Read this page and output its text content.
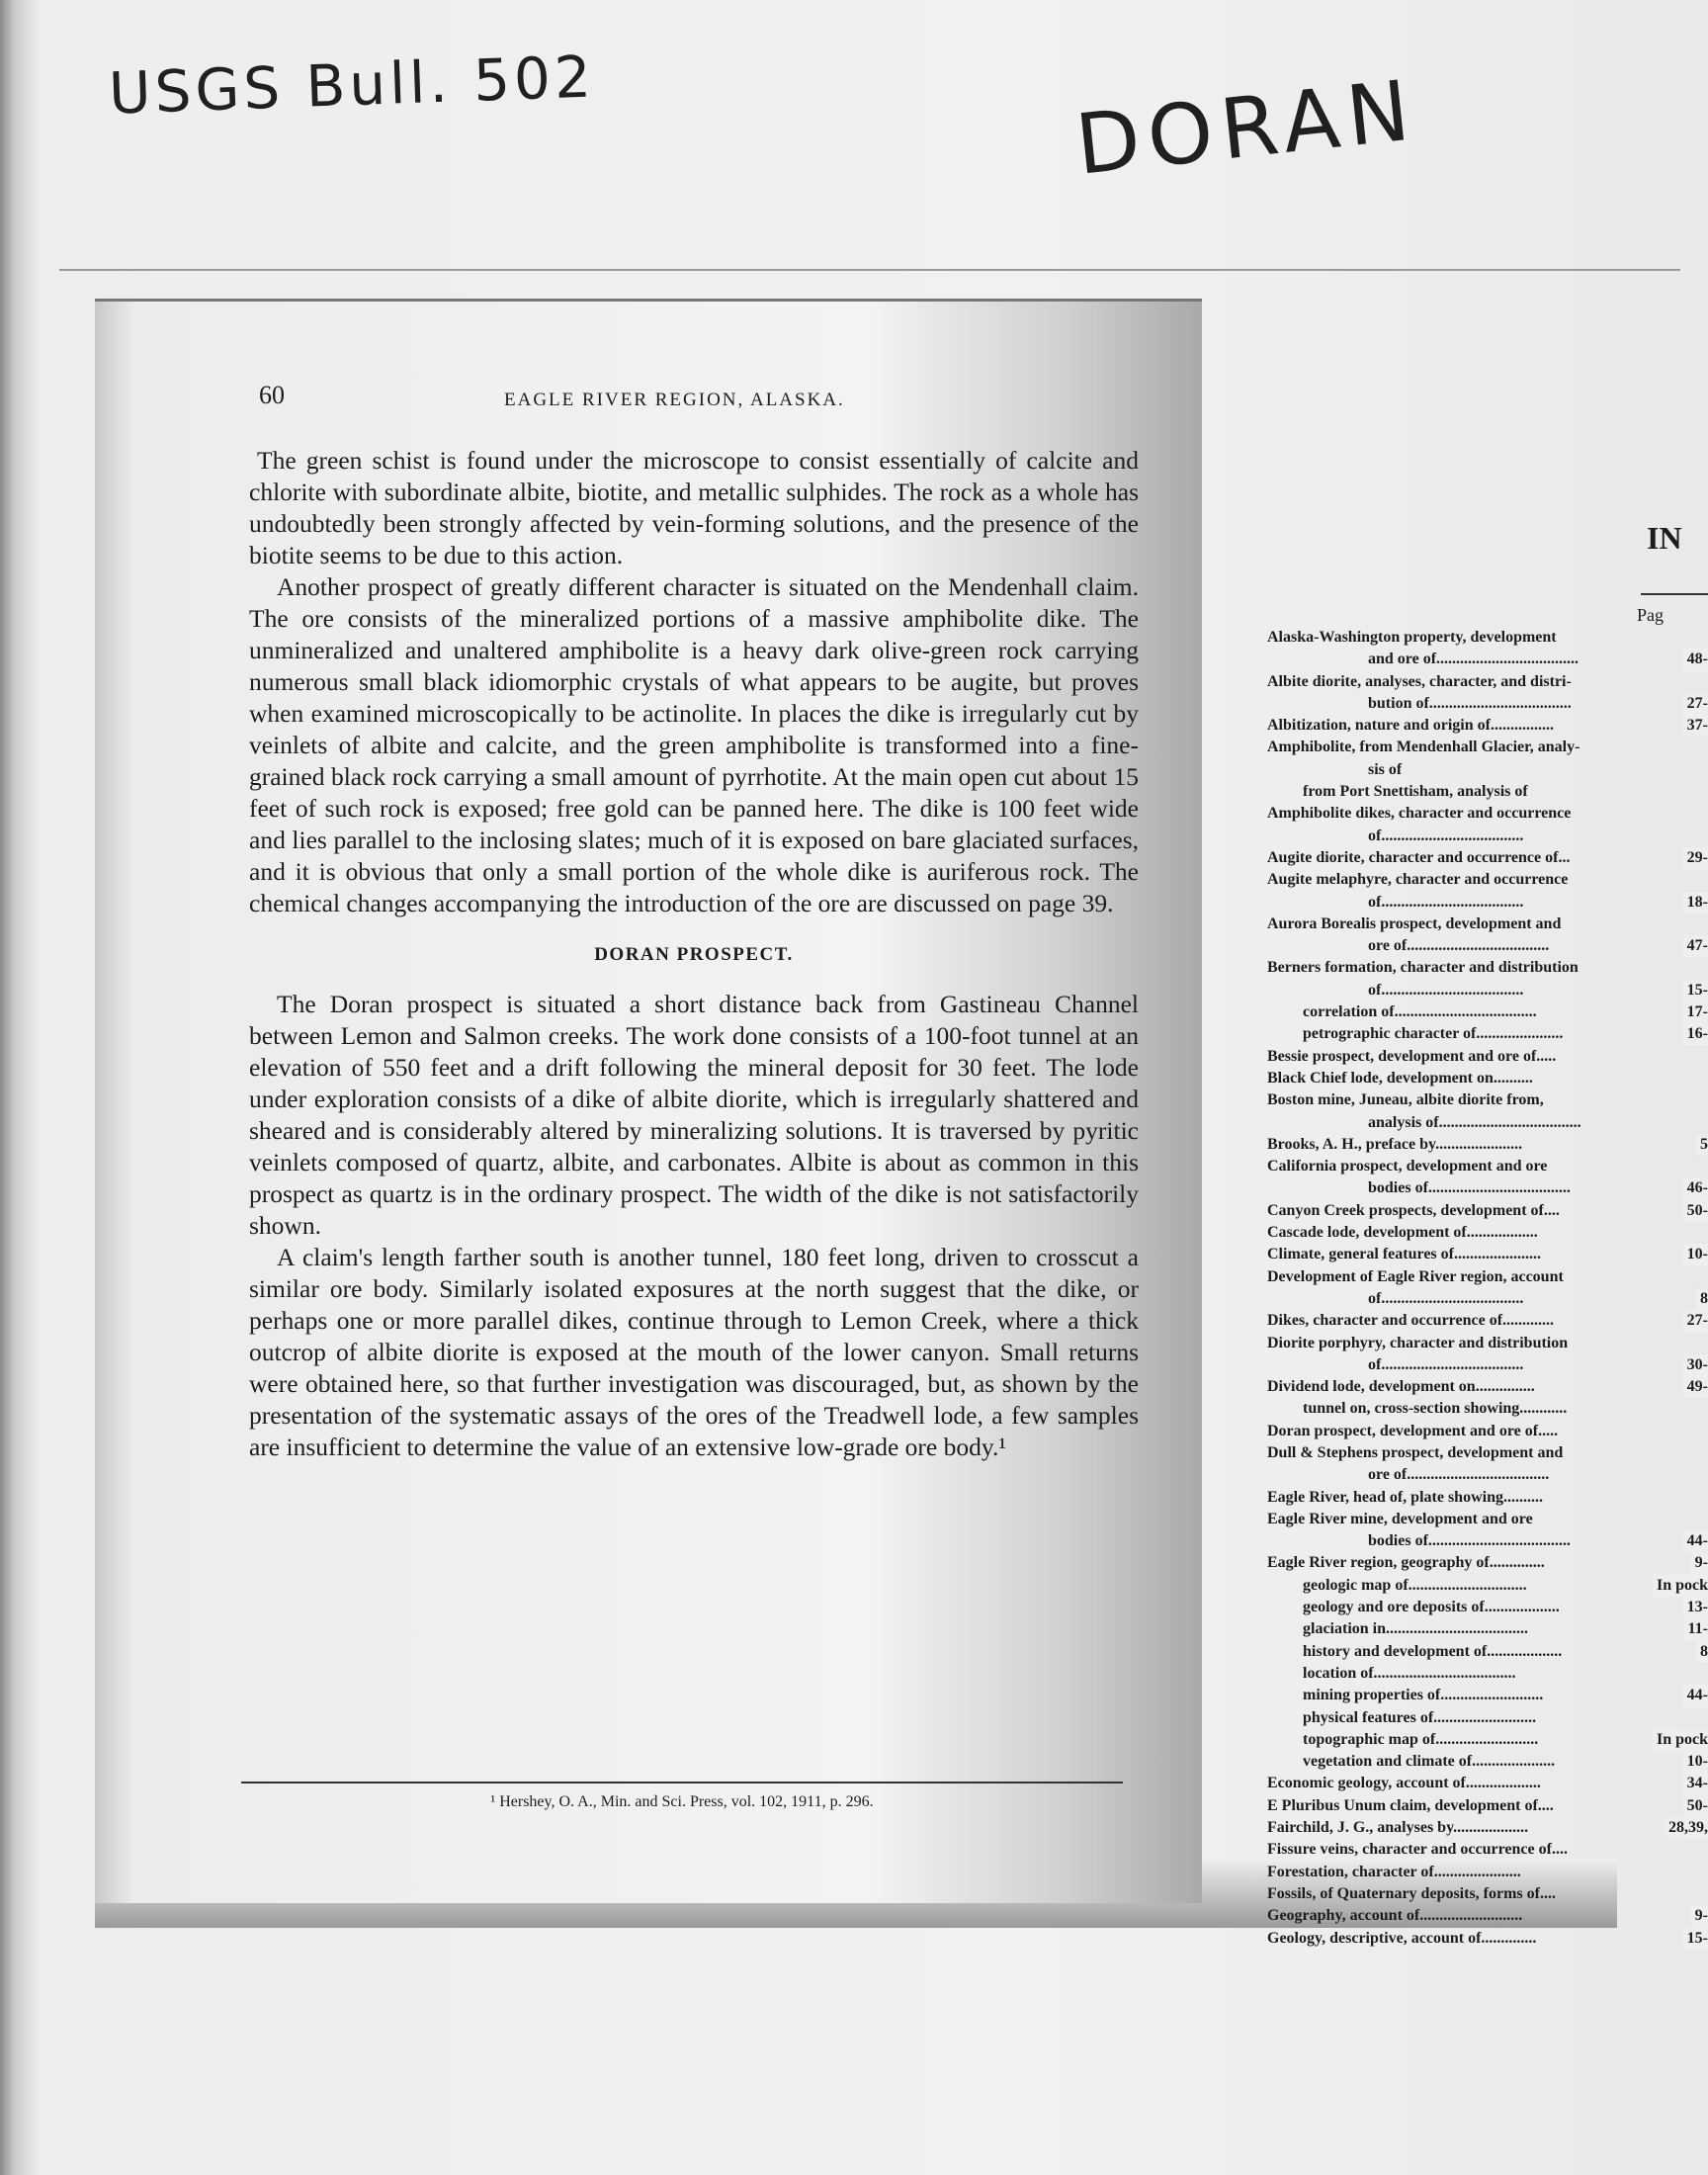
USGS Bull. 502	DORAN
60	EAGLE RIVER REGION, ALASKA.

The green schist is found under the microscope to consist essentially of calcite and chlorite with subordinate albite, biotite, and metallic sulphides. The rock as a whole has undoubtedly been strongly affected by vein-forming solutions, and the presence of the biotite seems to be due to this action.

Another prospect of greatly different character is situated on the Mendenhall claim. The ore consists of the mineralized portions of a massive amphibolite dike. The unmineralized and unaltered amphibolite is a heavy dark olive-green rock carrying numerous small black idiomorphic crystals of what appears to be augite, but proves when examined microscopically to be actinolite. In places the dike is irregularly cut by veinlets of albite and calcite, and the green amphibolite is transformed into a fine-grained black rock carrying a small amount of pyrrhotite. At the main open cut about 15 feet of such rock is exposed; free gold can be panned here. The dike is 100 feet wide and lies parallel to the inclosing slates; much of it is exposed on bare glaciated surfaces, and it is obvious that only a small portion of the whole dike is auriferous rock. The chemical changes accompanying the introduction of the ore are discussed on page 39.

DORAN PROSPECT.

The Doran prospect is situated a short distance back from Gastineau Channel between Lemon and Salmon creeks. The work done consists of a 100-foot tunnel at an elevation of 550 feet and a drift following the mineral deposit for 30 feet. The lode under exploration consists of a dike of albite diorite, which is irregularly shattered and sheared and is considerably altered by mineralizing solutions. It is traversed by pyritic veinlets composed of quartz, albite, and carbonates. Albite is about as common in this prospect as quartz is in the ordinary prospect. The width of the dike is not satisfactorily shown.

A claim's length farther south is another tunnel, 180 feet long, driven to crosscut a similar ore body. Similarly isolated exposures at the north suggest that the dike, or perhaps one or more parallel dikes, continue through to Lemon Creek, where a thick outcrop of albite diorite is exposed at the mouth of the lower canyon. Small returns were obtained here, so that further investigation was discouraged, but, as shown by the presentation of the systematic assays of the ores of the Treadwell lode, a few samples are insufficient to determine the value of an extensive low-grade ore body.¹

¹ Hershey, O. A., Min. and Sci. Press, vol. 102, 1911, p. 296.
IN
Pag
Alaska-Washington property, development
and ore of....................................	48-
Albite diorite, analyses, character, and distri-
bution of....................................	27-
Albitization, nature and origin of................	37-
Amphibolite, from Mendenhall Glacier, analy-
sis of
from Port Snettisham, analysis of
Amphibolite dikes, character and occurrence
of....................................
Augite diorite, character and occurrence of...	29-
Augite melaphyre, character and occurrence
of....................................	18-
Aurora Borealis prospect, development and
ore of....................................	47-
Berners formation, character and distribution
of....................................	15-
correlation of....................................	17-
petrographic character of......................	16-
Bessie prospect, development and ore of.....
Black Chief lode, development on..........
Boston mine, Juneau, albite diorite from,
analysis of....................................
Brooks, A. H., preface by......................	5
California prospect, development and ore
bodies of....................................	46-
Canyon Creek prospects, development of....	50-
Cascade lode, development of..................
Climate, general features of......................	10-
Development of Eagle River region, account
of....................................	8
Dikes, character and occurrence of.............	27-
Diorite porphyry, character and distribution
of....................................	30-
Dividend lode, development on...............	49-
tunnel on, cross-section showing............
Doran prospect, development and ore of.....
Dull & Stephens prospect, development and
ore of....................................
Eagle River, head of, plate showing..........
Eagle River mine, development and ore
bodies of....................................	44-
Eagle River region, geography of..............	9-
geologic map of..............................	In pock
geology and ore deposits of...................	13-
glaciation in....................................	11-
history and development of...................	8
location of....................................
mining properties of..........................	44-
physical features of..........................
topographic map of..........................	In pock
vegetation and climate of.....................	10-
Economic geology, account of...................	34-
E Pluribus Unum claim, development of....	50-
Fairchild, J. G., analyses by...................	28,39,
Fissure veins, character and occurrence of....
Forestation, character of......................
Fossils, of Quaternary deposits, forms of....
Geography, account of..........................	9-
Geology, descriptive, account of..............	15-
